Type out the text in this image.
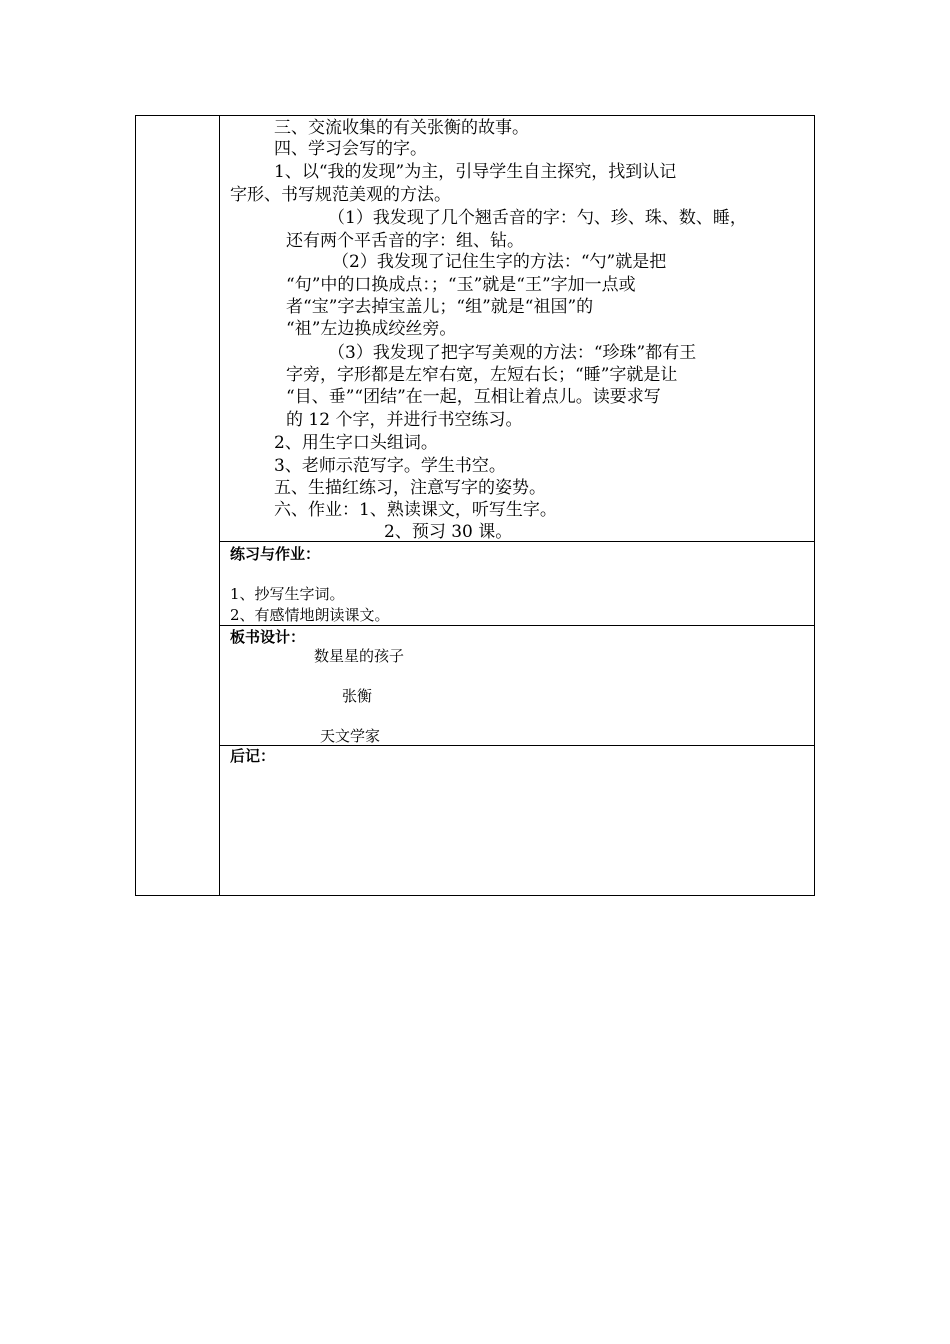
三、交流收集的有关张衡的故事。
四、学习会写的字。
1、以“我的发现”为主，引导学生自主探究，找到认记
字形、书写规范美观的方法。
（1）我发现了几个翘舌音的字：勺、珍、珠、数、睡，
还有两个平舌音的字：组、钻。
（2）我发现了记住生字的方法：“勺”就是把
“句”中的口换成点：；“玉”就是“王”字加一点或
者“宝”字去掉宝盖儿；“组”就是“祖国”的
“祖”左边换成绞丝旁。
（3）我发现了把字写美观的方法：“珍珠”都有王
字旁，字形都是左窄右宽，左短右长；“睡”字就是让
“目、垂”“团结”在一起，互相让着点儿。读要求写
的 12 个字，并进行书空练习。
2、用生字口头组词。
3、老师示范写字。学生书空。
五、生描红练习，注意写字的姿势。
六、作业：1、熟读课文，听写生字。
2、预习 30 课。
练习与作业：
1、抄写生字词。
2、有感情地朗读课文。
板书设计：
数星星的孩子
张衡
天文学家
后记：
